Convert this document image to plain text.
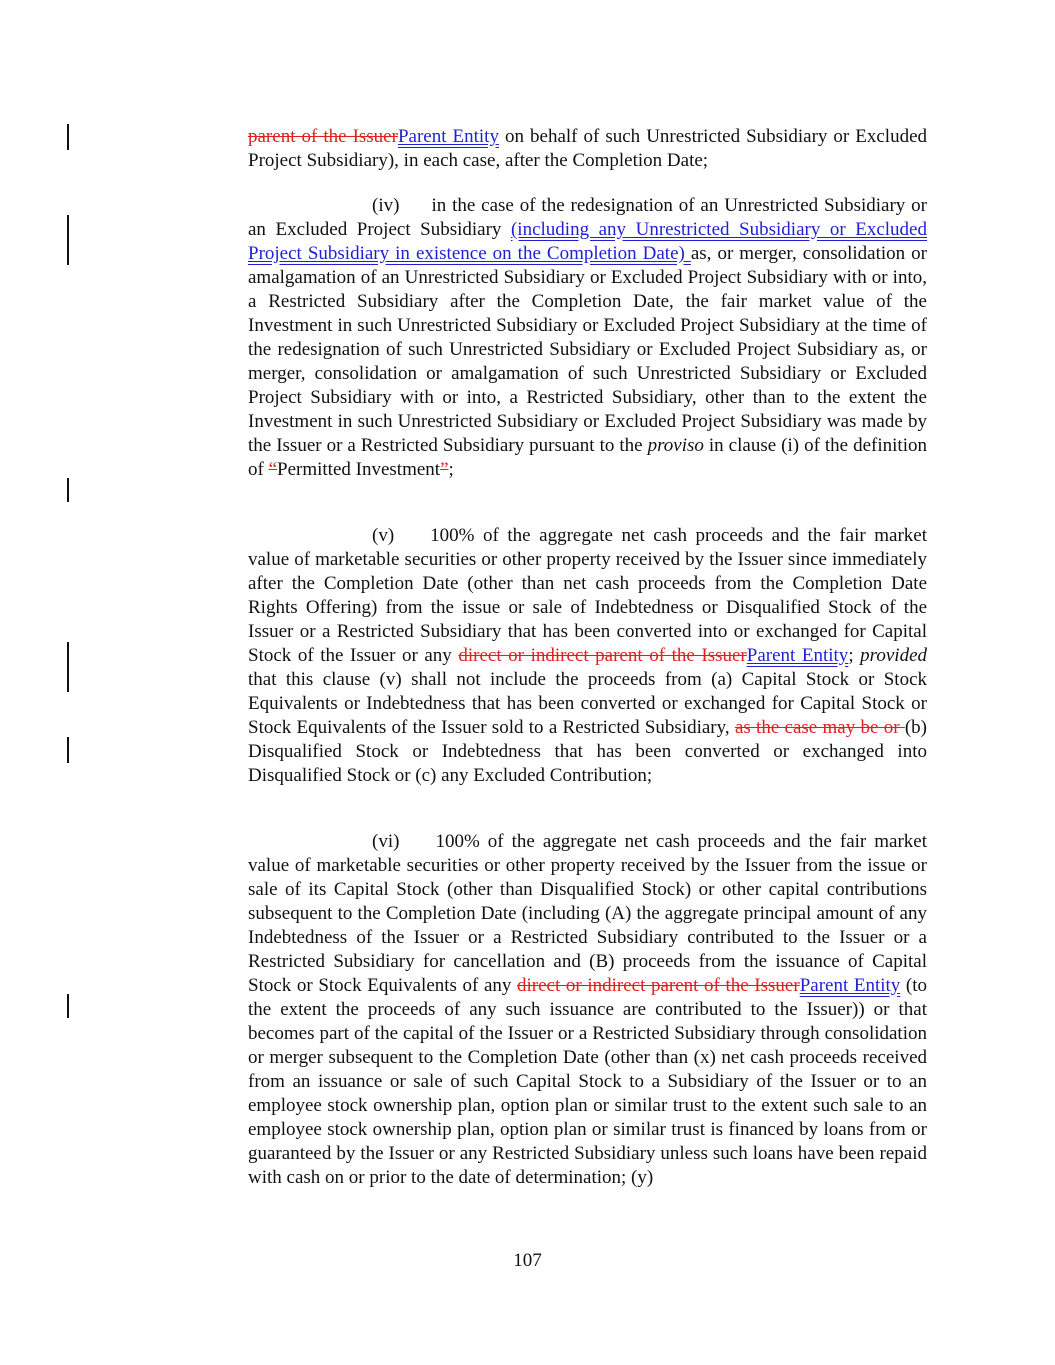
parent of the IssuerParent Entity on behalf of such Unrestricted Subsidiary or Excluded Project Subsidiary), in each case, after the Completion Date;

(iv) in the case of the redesignation of an Unrestricted Subsidiary or an Excluded Project Subsidiary (including any Unrestricted Subsidiary or Excluded Project Subsidiary in existence on the Completion Date) as, or merger, consolidation or amalgamation of an Unrestricted Subsidiary or Excluded Project Subsidiary with or into, a Restricted Subsidiary after the Completion Date, the fair market value of the Investment in such Unrestricted Subsidiary or Excluded Project Subsidiary at the time of the redesignation of such Unrestricted Subsidiary or Excluded Project Subsidiary as, or merger, consolidation or amalgamation of such Unrestricted Subsidiary or Excluded Project Subsidiary with or into, a Restricted Subsidiary, other than to the extent the Investment in such Unrestricted Subsidiary or Excluded Project Subsidiary was made by the Issuer or a Restricted Subsidiary pursuant to the proviso in clause (i) of the definition of “Permitted Investment”;

(v) 100% of the aggregate net cash proceeds and the fair market value of marketable securities or other property received by the Issuer since immediately after the Completion Date (other than net cash proceeds from the Completion Date Rights Offering) from the issue or sale of Indebtedness or Disqualified Stock of the Issuer or a Restricted Subsidiary that has been converted into or exchanged for Capital Stock of the Issuer or any direct or indirect parent of the IssuerParent Entity; provided that this clause (v) shall not include the proceeds from (a) Capital Stock or Stock Equivalents or Indebtedness that has been converted or exchanged for Capital Stock or Stock Equivalents of the Issuer sold to a Restricted Subsidiary, as the case may be or (b) Disqualified Stock or Indebtedness that has been converted or exchanged into Disqualified Stock or (c) any Excluded Contribution;

(vi) 100% of the aggregate net cash proceeds and the fair market value of marketable securities or other property received by the Issuer from the issue or sale of its Capital Stock (other than Disqualified Stock) or other capital contributions subsequent to the Completion Date (including (A) the aggregate principal amount of any Indebtedness of the Issuer or a Restricted Subsidiary contributed to the Issuer or a Restricted Subsidiary for cancellation and (B) proceeds from the issuance of Capital Stock or Stock Equivalents of any direct or indirect parent of the IssuerParent Entity (to the extent the proceeds of any such issuance are contributed to the Issuer)) or that becomes part of the capital of the Issuer or a Restricted Subsidiary through consolidation or merger subsequent to the Completion Date (other than (x) net cash proceeds received from an issuance or sale of such Capital Stock to a Subsidiary of the Issuer or to an employee stock ownership plan, option plan or similar trust to the extent such sale to an employee stock ownership plan, option plan or similar trust is financed by loans from or guaranteed by the Issuer or any Restricted Subsidiary unless such loans have been repaid with cash on or prior to the date of determination; (y)

107
